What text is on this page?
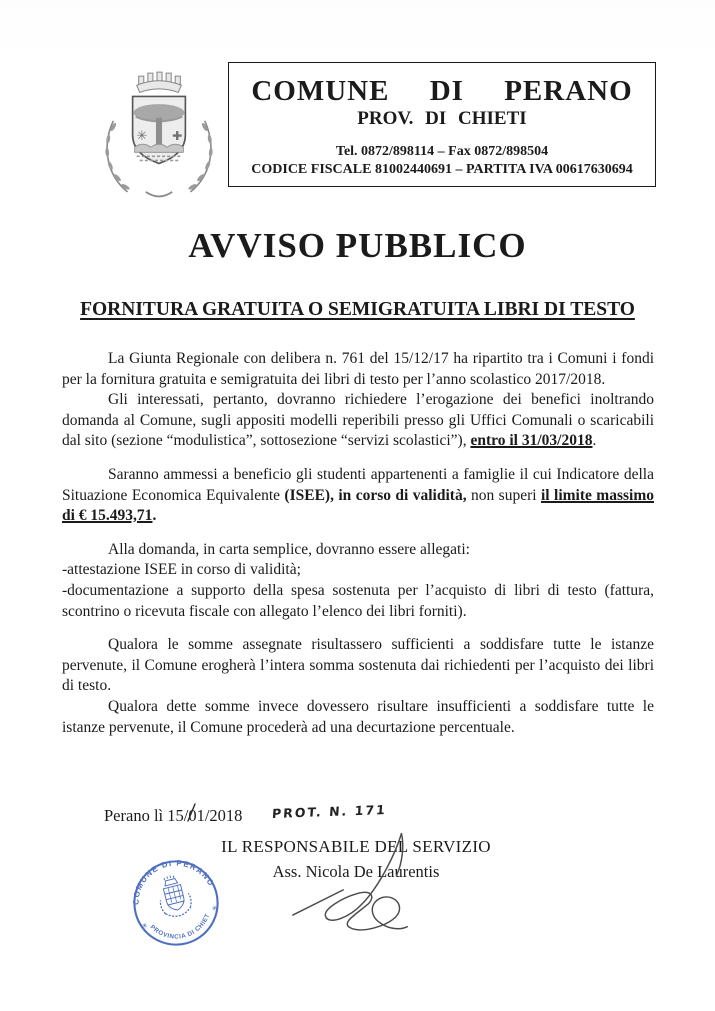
✳ ✚
COMUNE DI PERANO
PROV. DI CHIETI
Tel. 0872/898114 – Fax 0872/898504
CODICE FISCALE 81002440691 – PARTITA IVA 00617630694
AVVISO PUBBLICO
FORNITURA GRATUITA O SEMIGRATUITA LIBRI DI TESTO

La Giunta Regionale con delibera n. 761 del 15/12/17 ha ripartito tra i Comuni i fondi per la fornitura gratuita e semigratuita dei libri di testo per l’anno scolastico 2017/2018.

Gli interessati, pertanto, dovranno richiedere l’erogazione dei benefici inoltrando domanda al Comune, sugli appositi modelli reperibili presso gli Uffici Comunali o scaricabili dal sito (sezione “modulistica”, sottosezione “servizi scolastici”), entro il 31/03/2018.

Saranno ammessi a beneficio gli studenti appartenenti a famiglie il cui Indicatore della Situazione Economica Equivalente (ISEE), in corso di validità, non superi il limite massimo di € 15.493,71.

Alla domanda, in carta semplice, dovranno essere allegati:

-attestazione ISEE in corso di validità;

-documentazione a supporto della spesa sostenuta per l’acquisto di libri di testo (fattura, scontrino o ricevuta fiscale con allegato l’elenco dei libri forniti).

Qualora le somme assegnate risultassero sufficienti a soddisfare tutte le istanze pervenute, il Comune erogherà l’intera somma sostenuta dai richiedenti per l’acquisto dei libri di testo.

Qualora dette somme invece dovessero risultare insufficienti a soddisfare tutte le istanze pervenute, il Comune procederà ad una decurtazione percentuale.

Perano lì 15/01/2018 PROT. N. 171
IL RESPONSABILE DEL SERVIZIO
Ass. Nicola De Laurentis
COMUNE DI PERANO
PROVINCIA DI CHIETI
✳
✳
